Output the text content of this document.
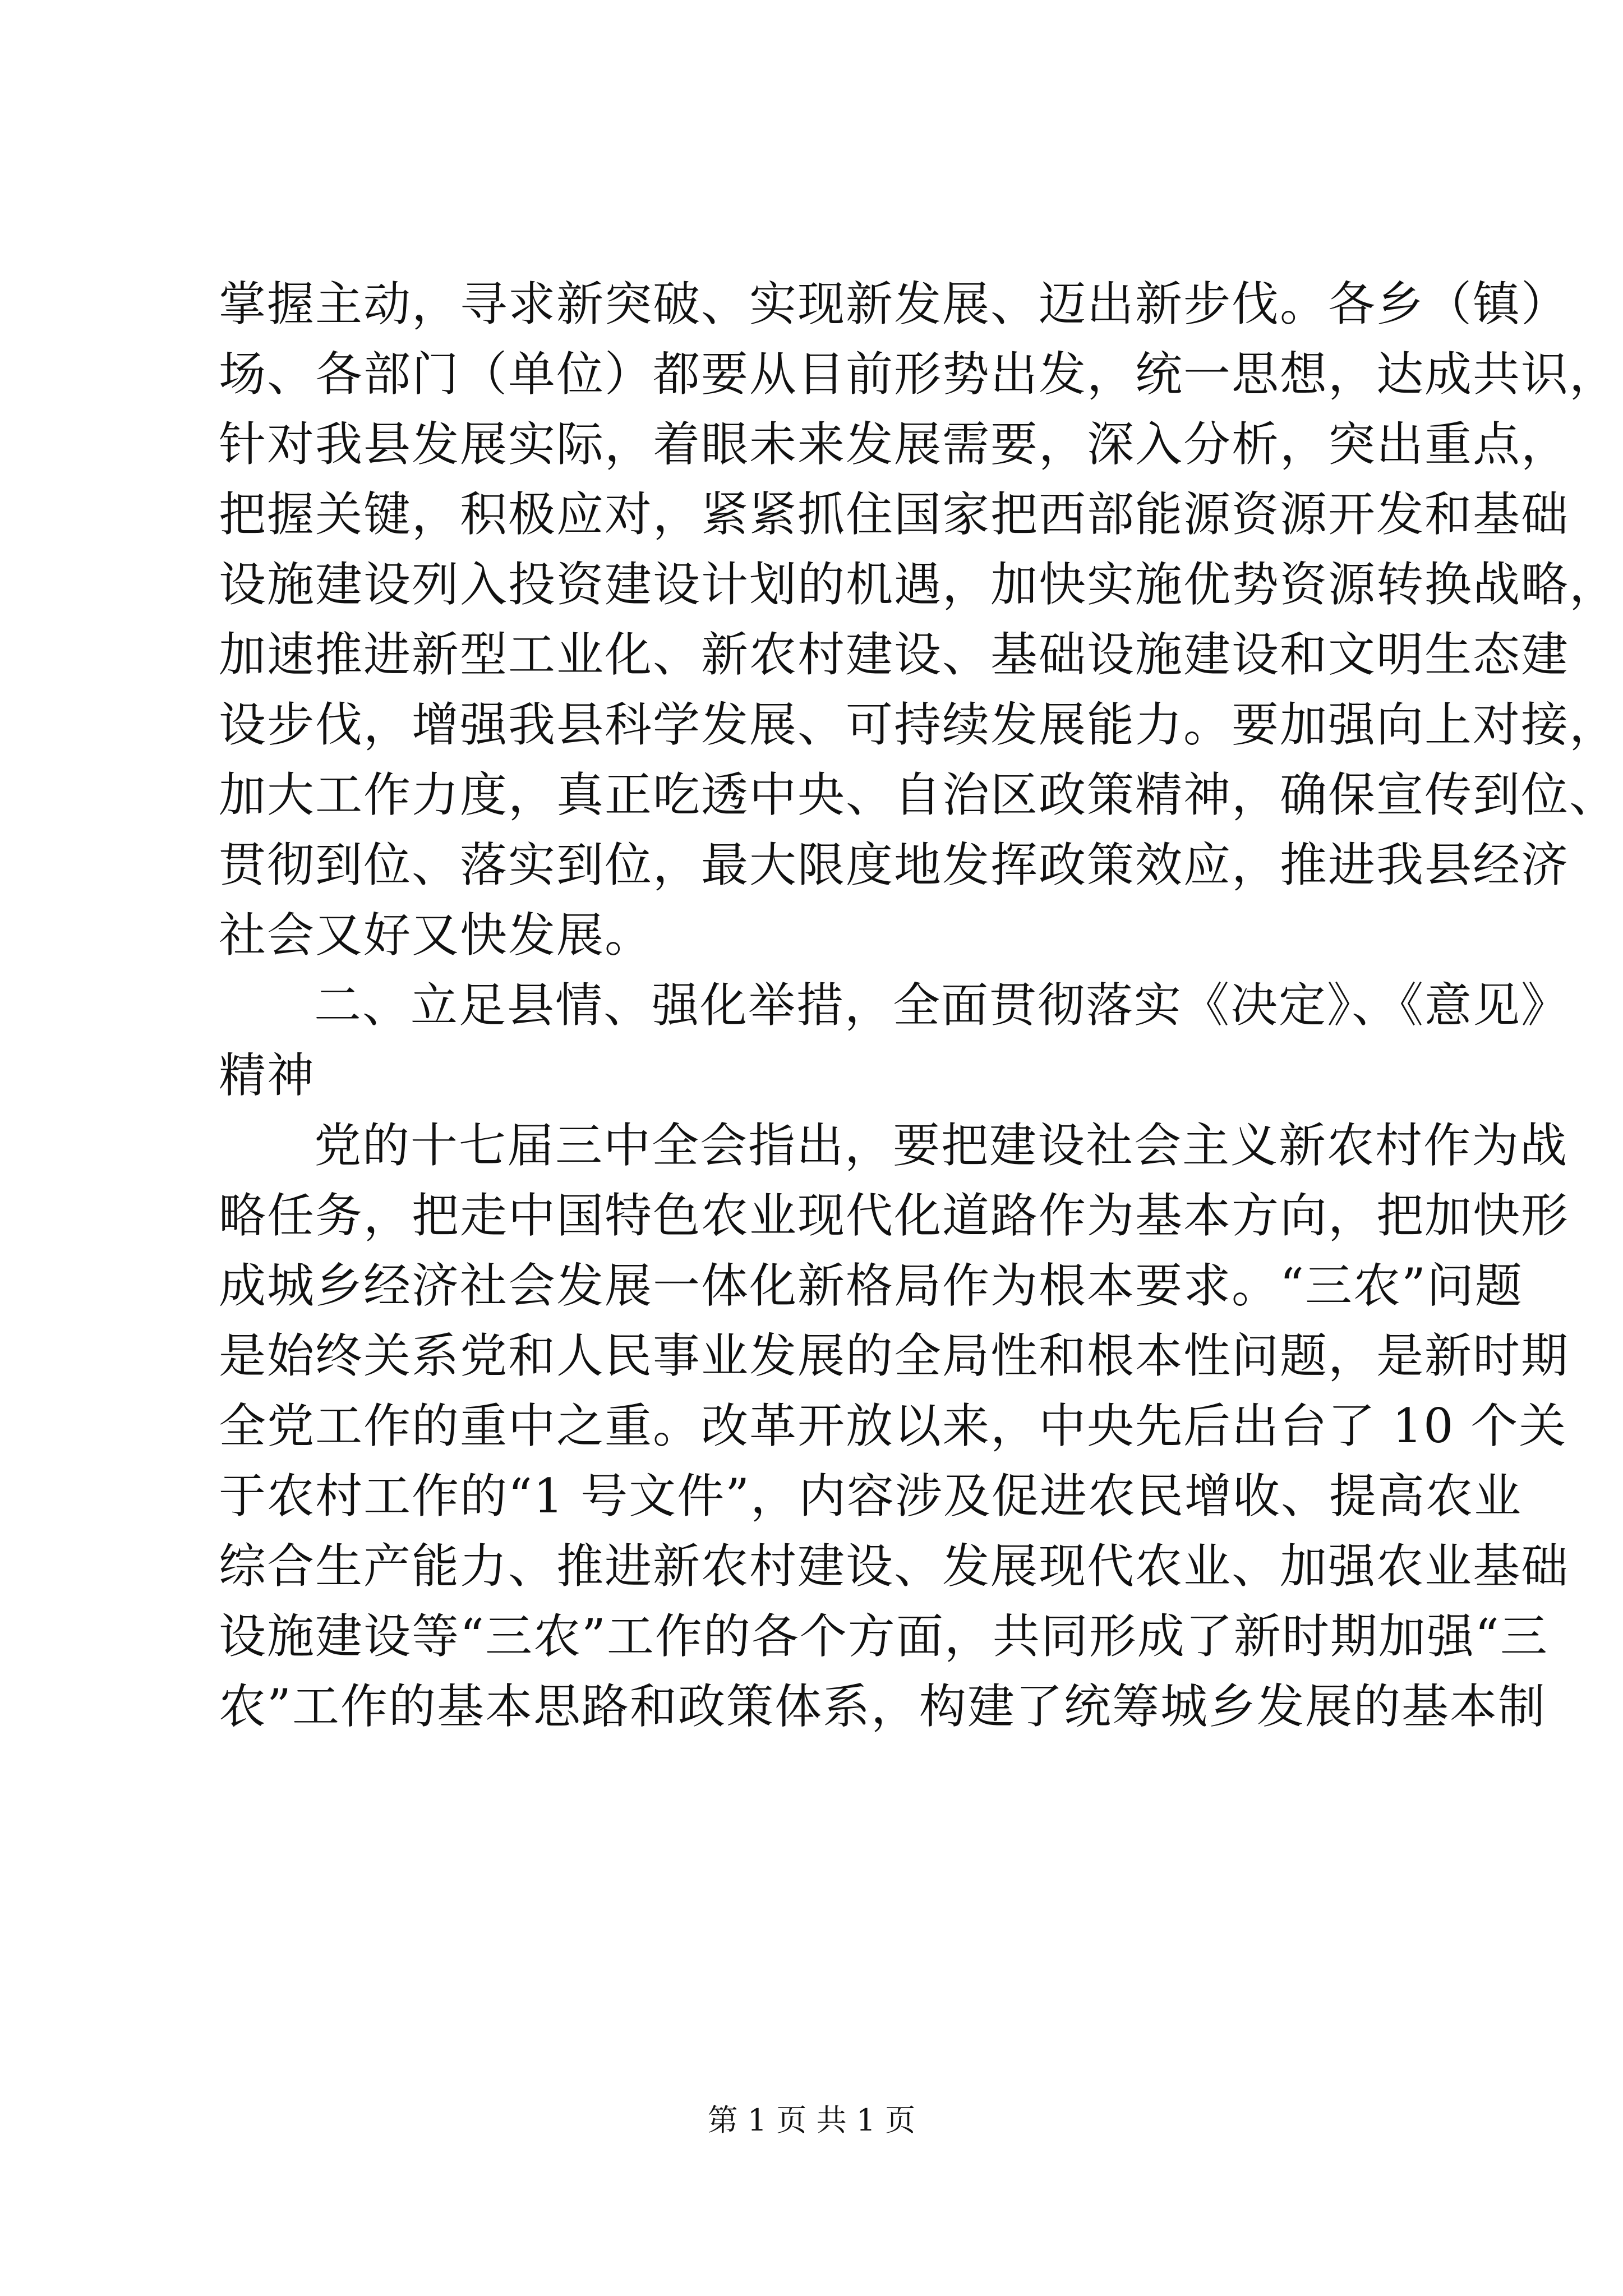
掌握主动，寻求新突破、实现新发展、迈出新步伐。各乡（镇）
场、各部门（单位）都要从目前形势出发，统一思想，达成共识，
针对我县发展实际，着眼未来发展需要，深入分析，突出重点，
把握关键，积极应对，紧紧抓住国家把西部能源资源开发和基础
设施建设列入投资建设计划的机遇，加快实施优势资源转换战略，
加速推进新型工业化、新农村建设、基础设施建设和文明生态建
设步伐，增强我县科学发展、可持续发展能力。要加强向上对接，
加大工作力度，真正吃透中央、自治区政策精神，确保宣传到位、
贯彻到位、落实到位，最大限度地发挥政策效应，推进我县经济
社会又好又快发展。
二、立足县情、强化举措，全面贯彻落实《决定》、《意见》
精神
党的十七届三中全会指出，要把建设社会主义新农村作为战
略任务，把走中国特色农业现代化道路作为基本方向，把加快形
成城乡经济社会发展一体化新格局作为根本要求。“三农”问题
是始终关系党和人民事业发展的全局性和根本性问题，是新时期
全党工作的重中之重。改革开放以来，中央先后出台了 10 个关
于农村工作的“1 号文件”，内容涉及促进农民增收、提高农业
综合生产能力、推进新农村建设、发展现代农业、加强农业基础
设施建设等“三农”工作的各个方面，共同形成了新时期加强“三
农”工作的基本思路和政策体系，构建了统筹城乡发展的基本制
第 1 页 共 1 页
